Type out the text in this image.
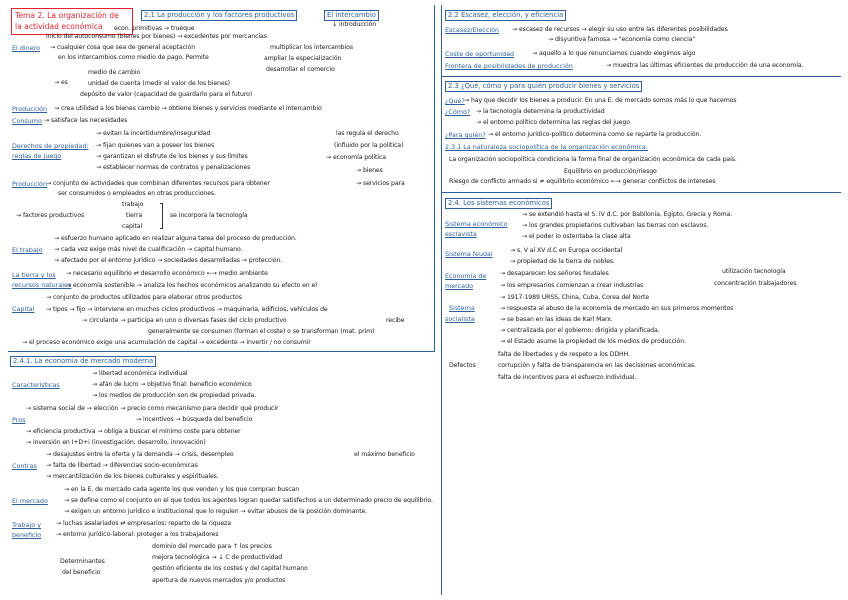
Tema 2. La organización de
la actividad económica
2.1 La producción y los factores productivos	El intercambio
↓ introducción
econ. primitivas → trueque
inicio del autoconsumo (bienes por bienes) → excedentes por mercancías
El dinero → cualquier cosa que sea de general aceptación
en los intercambios como medio de pago. Permite
multiplicar los intercambios
ampliar la especialización
desarrollar el comercio
medio de cambio
→ es	unidad de cuenta (medir el valor de los bienes)
depósito de valor (capacidad de guardarlo para el futuro)
Producción → crea utilidad a los bienes cambio → obtiene bienes y servicios mediante el intercambio
Consumo → satisface las necesidades
Derechos de propiedad:
reglas de juego
→ evitan la incertidumbre/inseguridad
→ fijan quienes van a poseer los bienes
→ garantizan el disfrute de los bienes y sus límites
→ establecer normas de contratos y penalizaciones
las regula el derecho
(influido por la política)
→ economía política
Producción
→ conjunto de actividades que combinan diferentes recursos para obtener
ser consumidos o empleados en otras producciones.
→ bienes
→ servicios para
→ factores productivos
trabajo
tierra
capital
se incorpora la tecnología
El trabajo
→ esfuerzo humano aplicado en realizar alguna tarea del proceso de producción.
→ cada vez exige más nivel de cualificación → capital humano.
→ afectado por el entorno jurídico → sociedades desarrolladas → protección.
La tierra y los
recursos naturales
→ necesario equilibrio ⇄ desarrollo económico ←→ medio ambiente
→ economía sostenible → analiza los hechos económicos analizando su efecto en el
Capital
→ conjunto de productos utilizados para elaborar otros productos
→ tipos → fijo → interviene en muchos ciclos productivos → maquinaria, edificios, vehículos de
→ circulante → participa en uno o diversas fases del ciclo productivo	recibe
generalmente se consumen (forman el coste) o se transforman (mat. prim)
→ el proceso económico exige una acumulación de capital → excedente → invertir / no consumir
2.2 Escasez, elección, y eficiencia
Escasez/Elección → escasez de recursos → elegir su uso entre las diferentes posibilidades
→ disyuntiva famosa → "economía como ciencia"
Coste de oportunidad	→ aquello a lo que renunciamos cuando elegimos algo
Frontera de posibilidades de producción	→ muestra las últimas eficientes de producción de una economía.
2.3 ¿Qué, cómo y para quién producir bienes y servicios
¿Qué? → hay que decidir los bienes a producir. En una E. de mercado somos más lo que hacemos
¿Cómo? → la tecnología determina la productividad
→ el entorno político determina las reglas del juego
¿Para quién? → el entorno jurídico-político determina como se reparte la producción.
2.3.1 La naturaleza sociopolítica de la organización económica.
La organización sociopolítica condiciona la forma final de organización económica de cada país.
Equilibrio en producción/riesgo
Riesgo de conflicto armado si ≠ equilibrio económico ←→ generar conflictos de intereses
2.4. Los sistemas económicos
Sistema económico
esclavista
→ se extendió hasta el S. IV d.C. por Babilonia, Egipto, Grecia y Roma.
→ los grandes propietarios cultivaban las tierras con esclavos.
→ el poder lo ostentaba la clase alta
Sistema feudal	→ s. V al XV d.C en Europa occidental
→ propiedad de la tierra de nobles.
Economía de
mercado
→ desaparecen los señores feudales
→ los empresarios comienzan a crear industrias
utilización tecnología
concentración trabajadores
Sistema
socialista
→ 1917-1989 URSS, China, Cuba, Corea del Norte
→ respuesta al abuso de la economía de mercado en sus primeros momentos
→ se basan en las ideas de Karl Marx.
→ centralizada por el gobierno: dirigida y planificada.
→ el Estado asume la propiedad de los medios de producción.
Defectos
falta de libertades y de respeto a los DDHH.
corrupción y falta de transparencia en las decisiones económicas.
falta de incentivos para el esfuerzo individual.
2.4.1. La economía de mercado moderna
Características
→ libertad económica individual
→ afán de lucro → objetivo final: beneficio económico
→ los medios de producción son de propiedad privada.
Pros
→ sistema social de → elección → precio como mecanismo para decidir qué producir
→ incentivos → búsqueda del beneficio
→ eficiencia productiva → obliga a buscar el mínimo coste para obtener
→ inversión en I+D+i (investigación, desarrollo, innovación)
el máximo beneficio
Contras
→ desajustes entre la oferta y la demanda → crisis, desempleo
→ falta de libertad → diferencias socio-económicas
→ mercantilización de los bienes culturales y espirituales.
El mercado
→ en la E. de mercado cada agente los que venden y los que compran buscan
→ se define como el conjunto en el que todos los agentes logran quedar satisfechos a un determinado precio de equilibrio.
→ exigen un entorno jurídico e institucional que lo regulen → evitar abusos de la posición dominante.
Trabajo y
beneficio
→ luchas asalariados ⇄ empresarios: reparto de la riqueza
→ entorno jurídico-laboral: proteger a los trabajadores
Determinantes
del beneficio
dominio del mercado para ↑ los precios
mejora tecnológica → ↓ C de productividad
gestión eficiente de los costes y del capital humano
apertura de nuevos mercados y/o productos
